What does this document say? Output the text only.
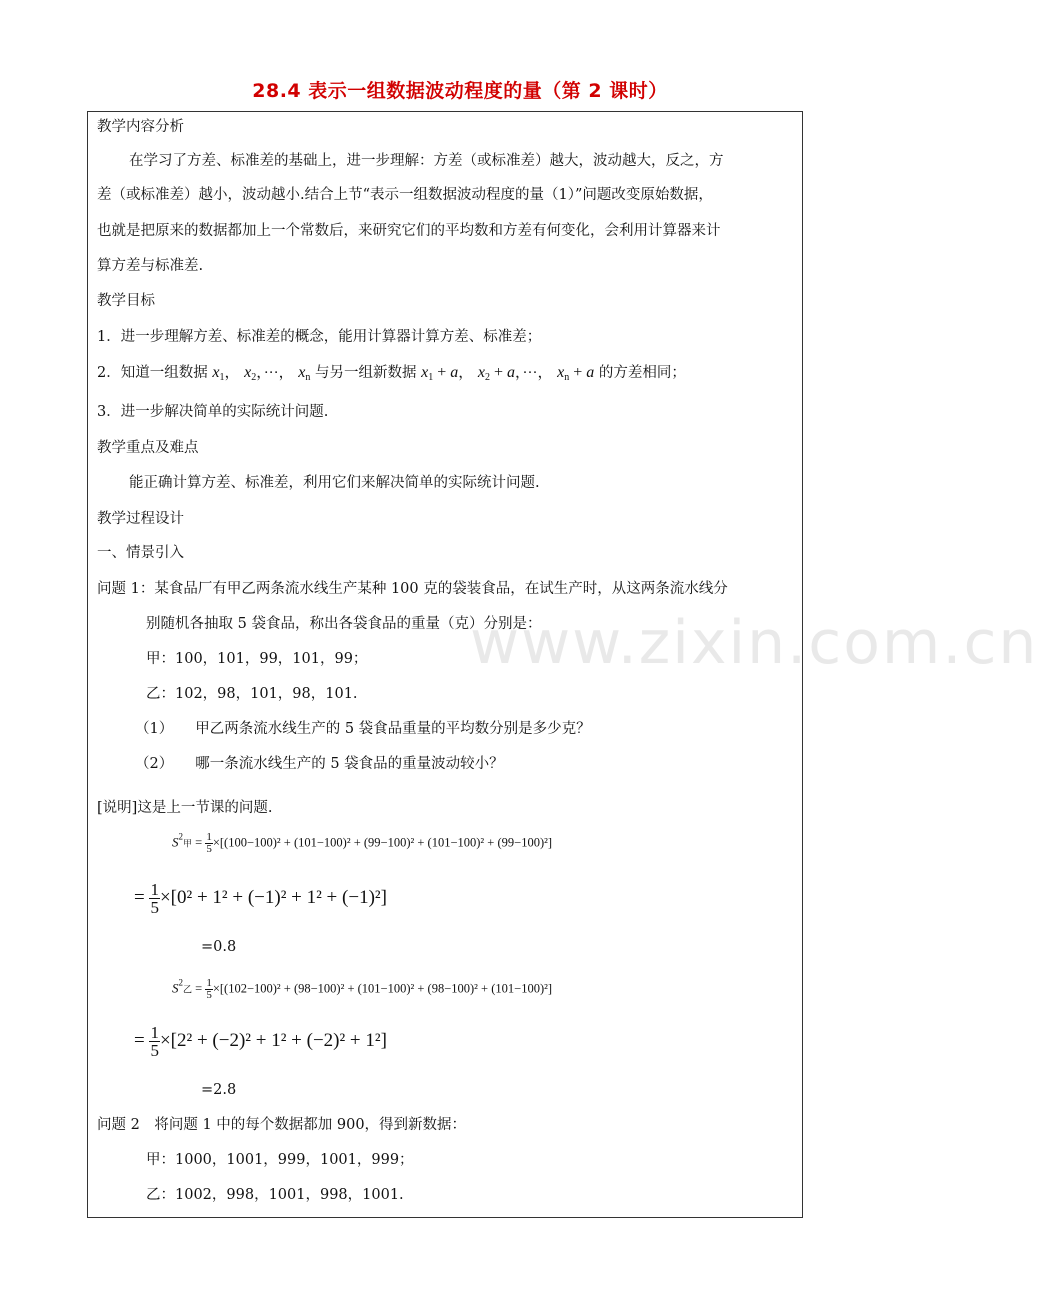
www.zixin.com.cn
28.4 表示一组数据波动程度的量（第 2 课时）
教学内容分析
在学习了方差、标准差的基础上，进一步理解：方差（或标准差）越大，波动越大，反之，方
差（或标准差）越小，波动越小.结合上节“表示一组数据波动程度的量（1）”问题改变原始数据，
也就是把原来的数据都加上一个常数后，来研究它们的平均数和方差有何变化，会利用计算器来计
算方差与标准差.
教学目标
1．进一步理解方差、标准差的概念，能用计算器计算方差、标准差；
2．知道一组数据 $x_1$， $x_2$，···， $x_n$ 与另一组新数据 $x_1 + a$， $x_2 + a$，···， $x_n + a$ 的方差相同；
3．进一步解决简单的实际统计问题.
教学重点及难点
能正确计算方差、标准差，利用它们来解决简单的实际统计问题.
教学过程设计
一、情景引入
问题 1：某食品厂有甲乙两条流水线生产某种 100 克的袋装食品，在试生产时，从这两条流水线分
别随机各抽取 5 袋食品，称出各袋食品的重量（克）分别是：
甲：100，101，99，101，99；
乙：102，98，101，98，101.
（1） 甲乙两条流水线生产的 5 袋食品重量的平均数分别是多少克？
（2） 哪一条流水线生产的 5 袋食品的重量波动较小？
[说明]这是上一节课的问题.
$S^2$甲 = $\frac{1}{5} \times[(100-100)^2 + (101-100)^2 + (99-100)^2 + (101-100)^2 + (99-100)^2]$
= $\frac{1}{5} \times[0^2 + 1^2 + (-1)^2 + 1^2 + (-1)^2]$
=0.8
$S^2$乙 = $\frac{1}{5} \times[(102-100)^2 + (98-100)^2 + (101-100)^2 + (98-100)^2 + (101-100)^2]$
= $\frac{1}{5} \times[2^2 + (-2)^2 + 1^2 + (-2)^2 + 1^2]$
=2.8
问题 2　将问题 1 中的每个数据都加 900，得到新数据：
甲：1000，1001，999，1001，999；
乙：1002，998，1001，998，1001.
